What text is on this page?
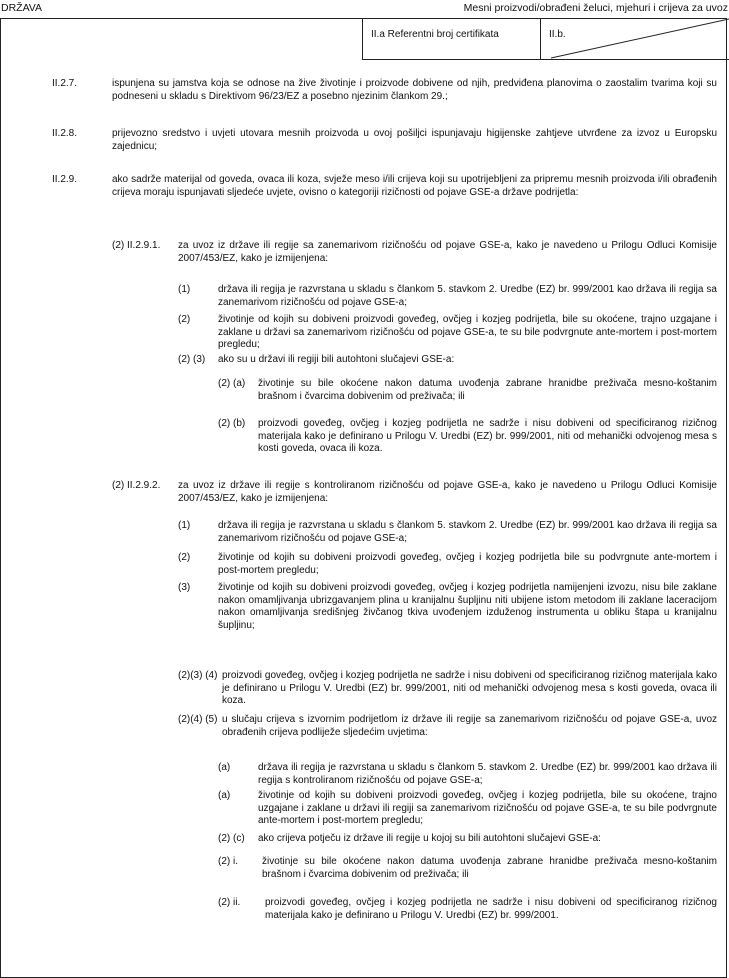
DRŽAVA	Mesni proizvodi/obrađeni želuci, mjehuri i crijeva za uvoz
II.a Referentni broj certifikata	II.b.
II.2.7.	ispunjena su jamstva koja se odnose na žive životinje i proizvode dobivene od njih, predviđena planovima o zaostalim tvarima koji su podneseni u skladu s Direktivom 96/23/EZ a posebno njezinim člankom 29.;
II.2.8.	prijevozno sredstvo i uvjeti utovara mesnih proizvoda u ovoj pošiljci ispunjavaju higijenske zahtjeve utvrđene za izvoz u Europsku zajednicu;
II.2.9.	ako sadrže materijal od goveda, ovaca ili koza, svježe meso i/ili crijeva koji su upotrijebljeni za pripremu mesnih proizvoda i/ili obrađenih crijeva moraju ispunjavati sljedeće uvjete, ovisno o kategoriji rizičnosti od pojave GSE-a države podrijetla:
(2) II.2.9.1. za uvoz iz države ili regije sa zanemarivom rizičnošću od pojave GSE-a, kako je navedeno u Prilogu Odluci Komisije 2007/453/EZ, kako je izmijenjena:
(1)	država ili regija je razvrstana u skladu s člankom 5. stavkom 2. Uredbe (EZ) br. 999/2001 kao država ili regija sa zanemarivom rizičnošću od pojave GSE-a;
(2)	životinje od kojih su dobiveni proizvodi goveđeg, ovčjeg i kozjeg podrijetla, bile su okoćene, trajno uzgajane i zaklane u državi sa zanemarivom rizičnošću od pojave GSE-a, te su bile podvrgnute ante-mortem i post-mortem pregledu;
(2) (3) ako su u državi ili regiji bili autohtoni slučajevi GSE-a:
(2) (a) životinje su bile okoćene nakon datuma uvođenja zabrane hranidbe preživača mesno-koštanim brašnom i čvarcima dobivenim od preživača; ili
(2) (b) proizvodi goveđeg, ovčjeg i kozjeg podrijetla ne sadrže i nisu dobiveni od specificiranog rizičnog materijala kako je definirano u Prilogu V. Uredbi (EZ) br. 999/2001, niti od mehanički odvojenog mesa s kosti goveda, ovaca ili koza.
(2) II.2.9.2. za uvoz iz države ili regije s kontroliranom rizičnošću od pojave GSE-a, kako je navedeno u Prilogu Odluci Komisije 2007/453/EZ, kako je izmijenjena:
(1)	država ili regija je razvrstana u skladu s člankom 5. stavkom 2. Uredbe (EZ) br. 999/2001 kao država ili regija sa zanemarivom rizičnošću od pojave GSE-a;
(2)	životinje od kojih su dobiveni proizvodi goveđeg, ovčjeg i kozjeg podrijetla bile su podvrgnute ante-mortem i post-mortem pregledu;
(3)	životinje od kojih su dobiveni proizvodi goveđeg, ovčjeg i kozjeg podrijetla namijenjeni izvozu, nisu bile zaklane nakon omamljivanja ubrizgavanjem plina u kranijalnu šupljinu niti ubijene istom metodom ili zaklane laceracijom nakon omamljivanja središnjeg živčanog tkiva uvođenjem izduženog instrumenta u obliku štapa u kranijalnu šupljinu;
(2)(3) (4) proizvodi goveđeg, ovčjeg i kozjeg podrijetla ne sadrže i nisu dobiveni od specificiranog rizičnog materijala kako je definirano u Prilogu V. Uredbi (EZ) br. 999/2001, niti od mehanički odvojenog mesa s kosti goveda, ovaca ili koza.
(2)(4) (5) u slučaju crijeva s izvornim podrijetlom iz države ili regije sa zanemarivom rizičnošću od pojave GSE-a, uvoz obrađenih crijeva podliježe sljedećim uvjetima:
(a)	država ili regija je razvrstana u skladu s člankom 5. stavkom 2. Uredbe (EZ) br. 999/2001 kao država ili regija s kontroliranom rizičnošću od pojave GSE-a;
(a)	životinje od kojih su dobiveni proizvodi goveđeg, ovčjeg i kozjeg podrijetla, bile su okoćene, trajno uzgajane i zaklane u državi ili regiji sa zanemarivom rizičnošću od pojave GSE-a, te su bile podvrgnute ante-mortem i post-mortem pregledu;
(2) (c) ako crijeva potječu iz države ili regije u kojoj su bili autohtoni slučajevi GSE-a:
(2) i. životinje su bile okoćene nakon datuma uvođenja zabrane hranidbe preživača mesno-koštanim brašnom i čvarcima dobivenim od preživača; ili
(2) ii. proizvodi goveđeg, ovčjeg i kozjeg podrijetla ne sadrže i nisu dobiveni od specificiranog rizičnog materijala kako je definirano u Prilogu V. Uredbi (EZ) br. 999/2001.
